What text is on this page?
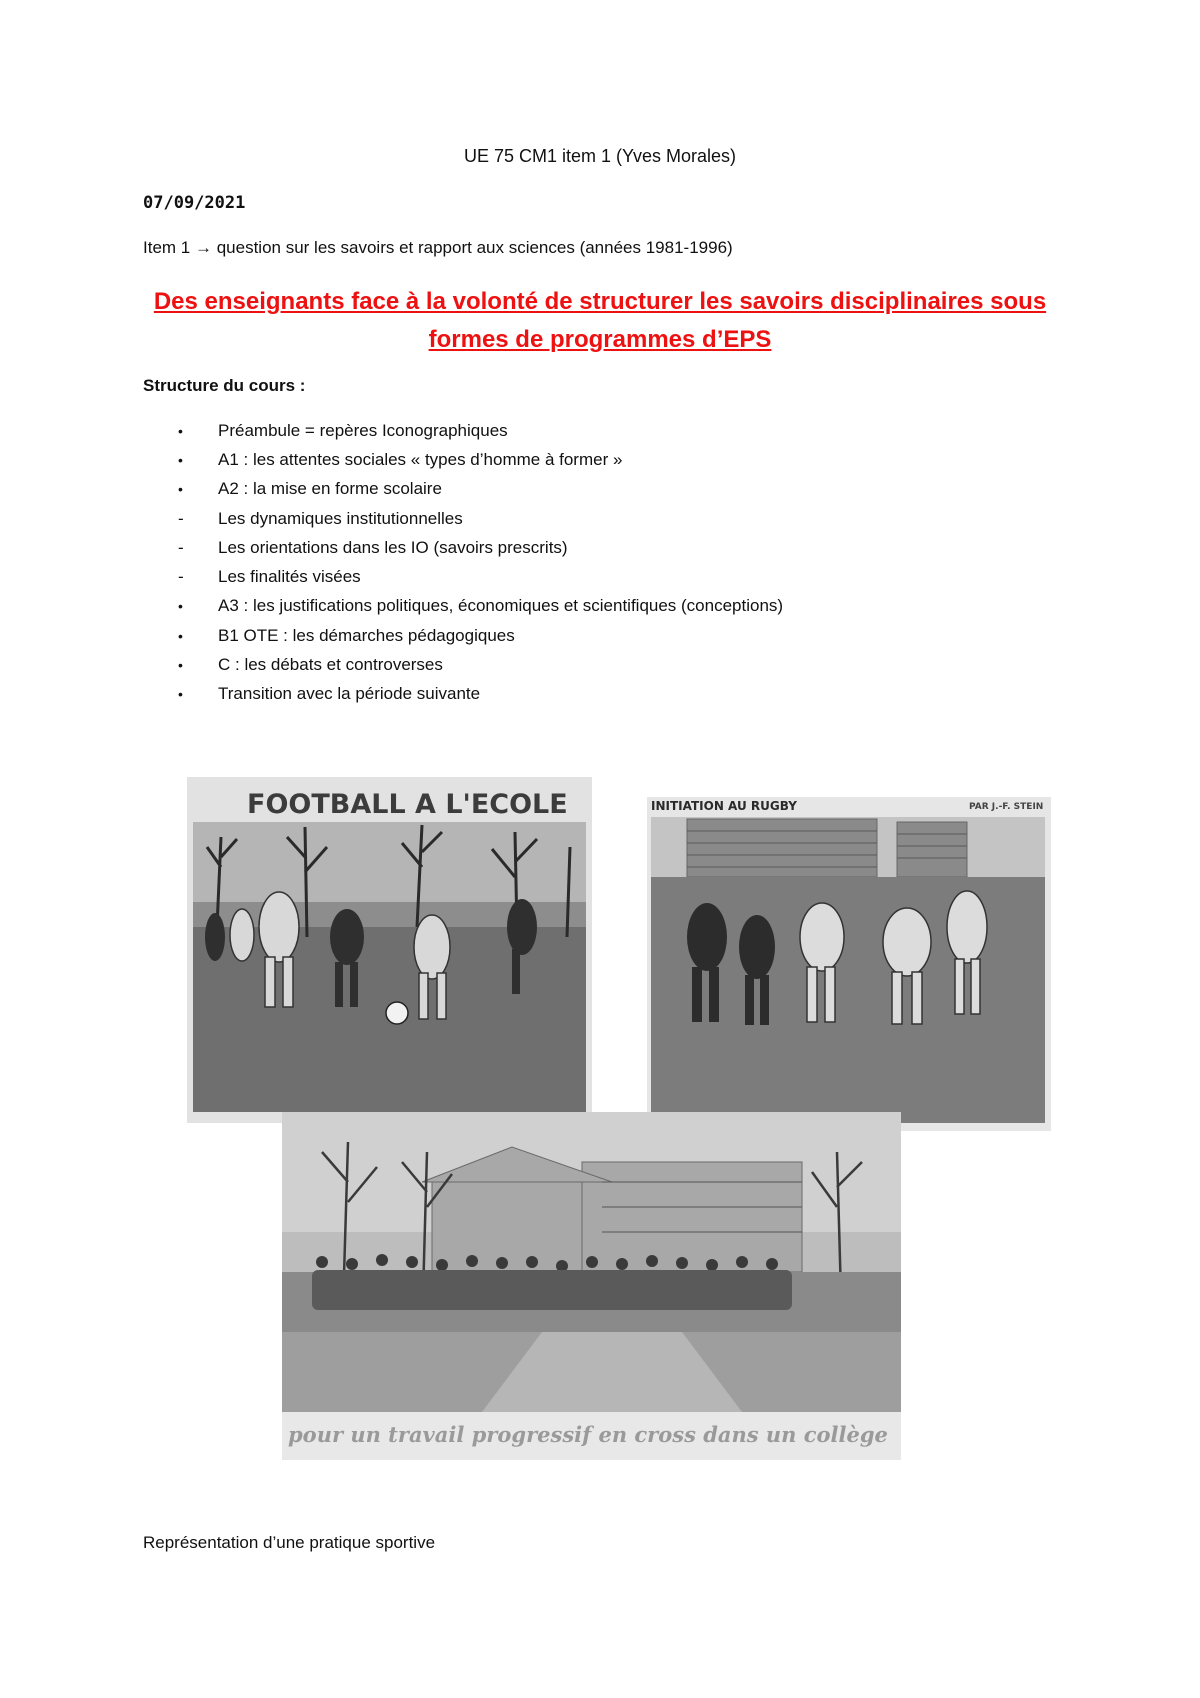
UE 75 CM1 item 1 (Yves Morales)
07/09/2021
Item 1 → question sur les savoirs et rapport aux sciences (années 1981-1996)
Des enseignants face à la volonté de structurer les savoirs disciplinaires sous
formes de programmes d’EPS
Structure du cours :
•	Préambule = repères Iconographiques
•	A1 : les attentes sociales « types d’homme à former »
•	A2 : la mise en forme scolaire
-	Les dynamiques institutionnelles
-	Les orientations dans les IO (savoirs prescrits)
-	Les finalités visées
•	A3 : les justifications politiques, économiques et scientifiques (conceptions)
•	B1 OTE : les démarches pédagogiques
•	C : les débats et controverses
•	Transition avec la période suivante
FOOTBALL A L'ECOLE	INITIATION AU RUGBY	PAR J.-F. STEIN
pour un travail progressif en cross dans un collège
Représentation d’une pratique sportive
